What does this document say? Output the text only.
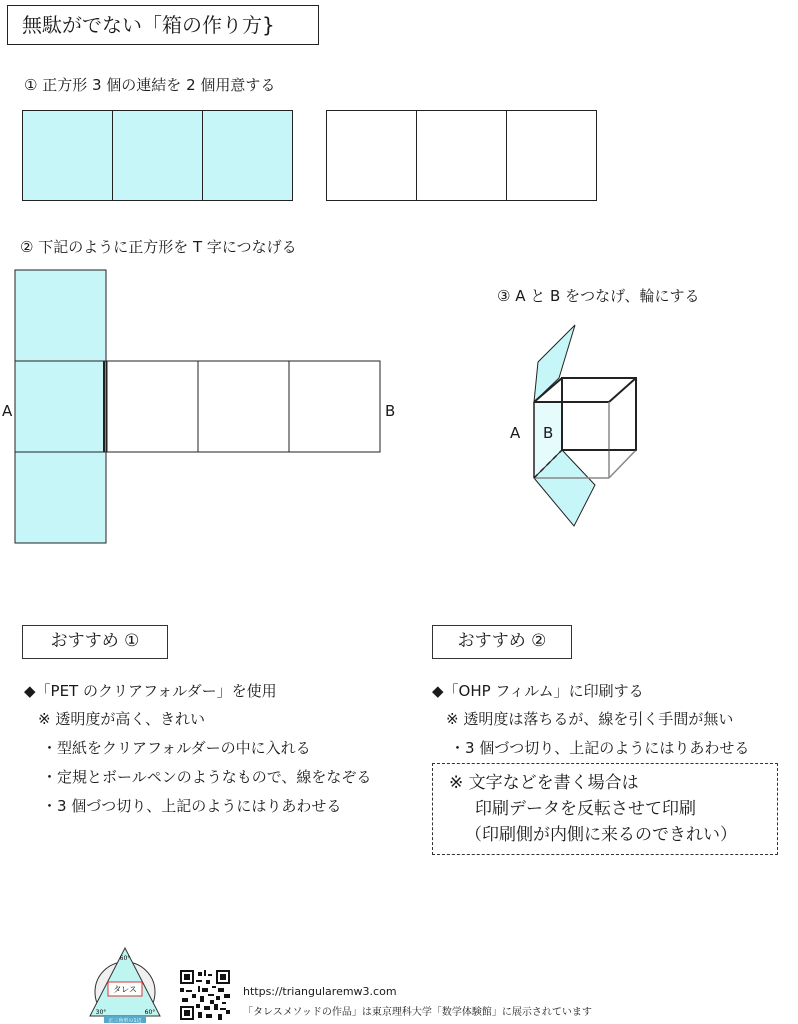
無駄がでない「箱の作り方}
① 正方形 3 個の連結を 2 個用意する
② 下記のように正方形を T 字につなげる
A	B
③ A と B をつなげ、輪にする
A B
おすすめ ①
◆「PET のクリアフォルダー」を使用
※ 透明度が高く、きれい
・型紙をクリアフォルダーの中に入れる
・定規とボールペンのようなもので、線をなぞる
・3 個づつ切り、上記のようにはりあわせる
おすすめ ②
◆「OHP フィルム」に印刷する
※ 透明度は落ちるが、線を引く手間が無い
・3 個づつ切り、上記のようにはりあわせる
※ 文字などを書く場合は
印刷データを反転させて印刷
（印刷側が内側に来るのできれい）
60°
タレス
30°	60°
正三角形の1辺
https://triangularemw3.com
「タレスメソッドの作品」は東京理科大学「数学体験館」に展示されています
